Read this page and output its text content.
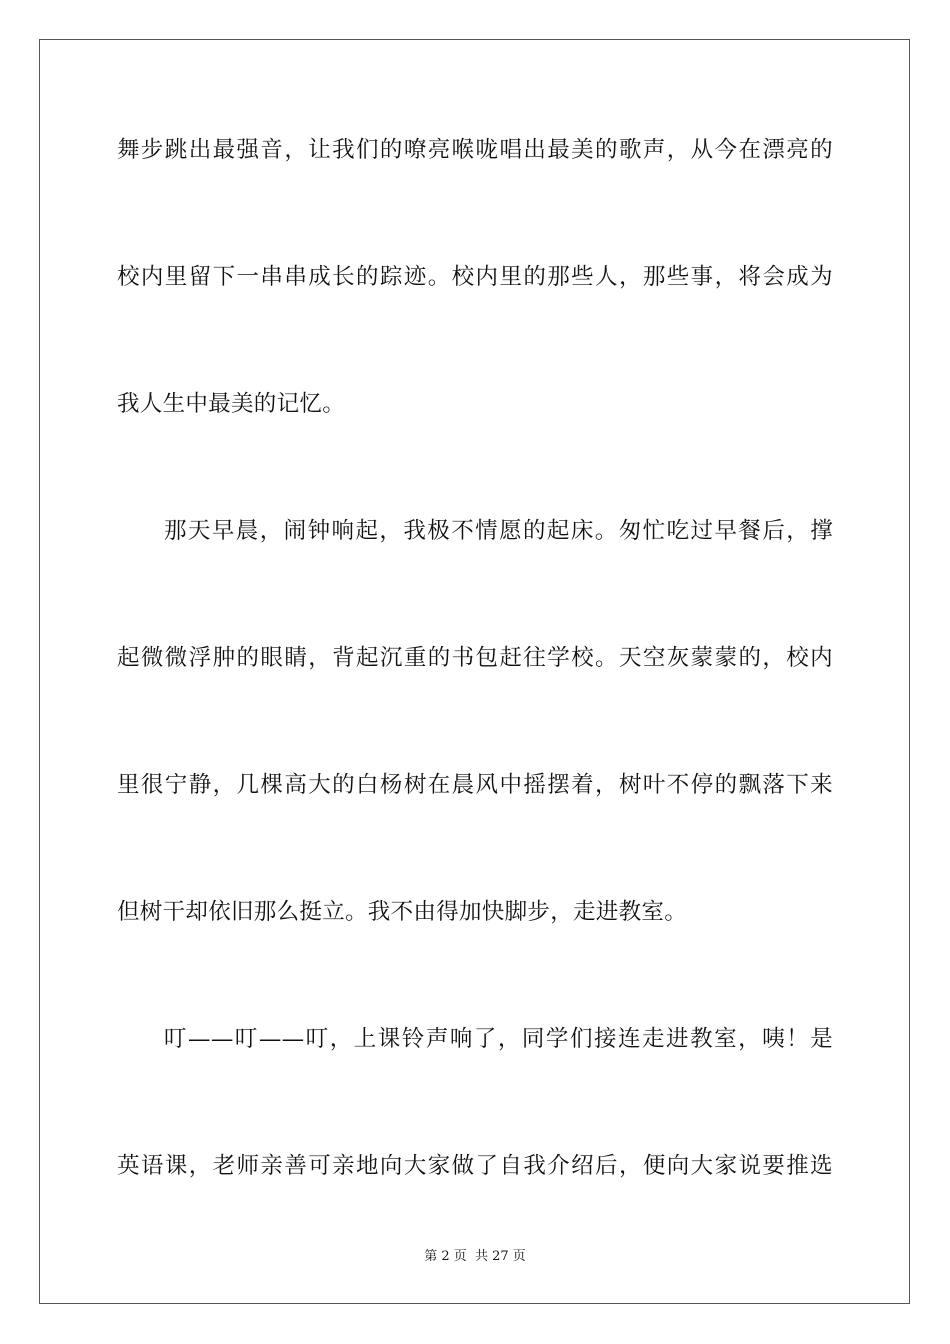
舞步跳出最强音，让我们的嘹亮喉咙唱出最美的歌声，从今在漂亮的
校内里留下一串串成长的踪迹。校内里的那些人，那些事，将会成为
我人生中最美的记忆。
那天早晨，闹钟响起，我极不情愿的起床。匆忙吃过早餐后，撑
起微微浮肿的眼睛，背起沉重的书包赶往学校。天空灰蒙蒙的，校内
里很宁静，几棵高大的白杨树在晨风中摇摆着，树叶不停的飘落下来
但树干却依旧那么挺立。我不由得加快脚步，走进教室。
叮——叮——叮，上课铃声响了，同学们接连走进教室，咦！是
英语课，老师亲善可亲地向大家做了自我介绍后，便向大家说要推选
第 2 页 共 27 页
